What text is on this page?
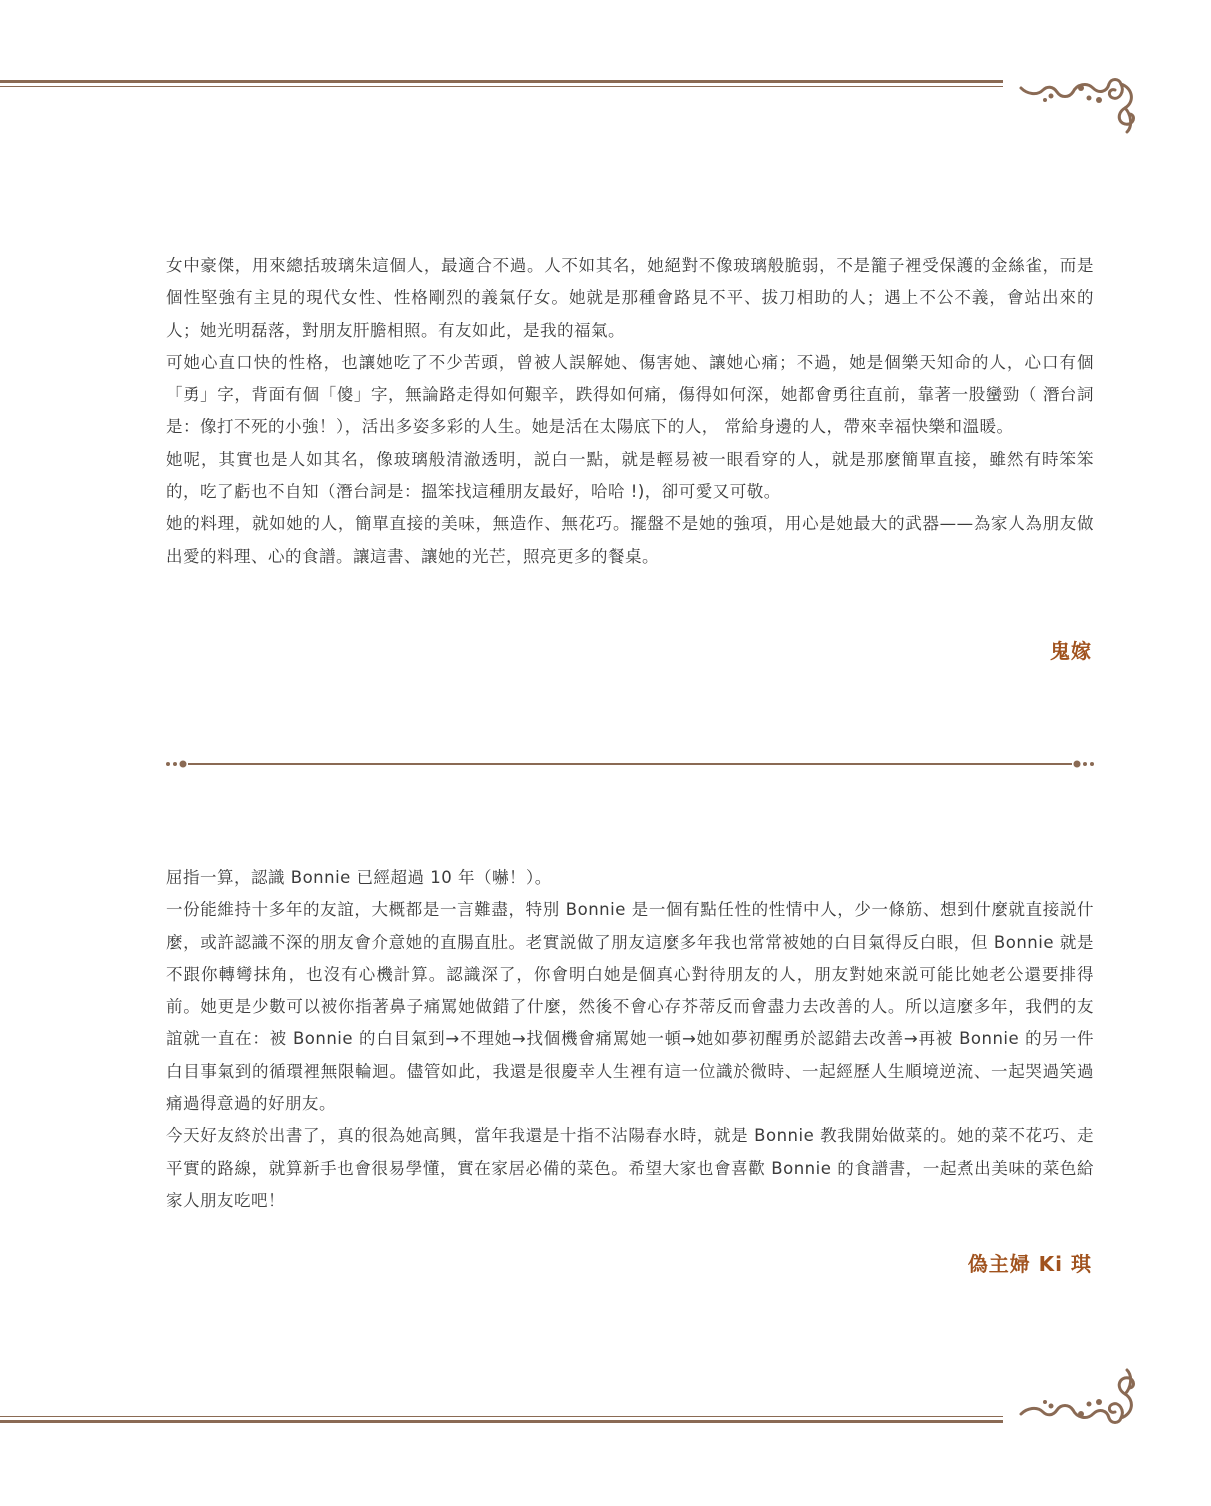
女中豪傑，用來總括玻璃朱這個人，最適合不過。人不如其名，她絕對不像玻璃般脆弱，不是籠子裡受保護的金絲雀，而是個性堅強有主見的現代女性、性格剛烈的義氣仔女。她就是那種會路見不平、拔刀相助的人；遇上不公不義，會站出來的人；她光明磊落，對朋友肝膽相照。有友如此，是我的福氣。

可她心直口快的性格，也讓她吃了不少苦頭，曾被人誤解她、傷害她、讓她心痛；不過，她是個樂天知命的人，心口有個「勇」字，背面有個「傻」字，無論路走得如何艱辛，跌得如何痛，傷得如何深，她都會勇往直前，靠著一股蠻勁（ 潛台詞是：像打不死的小強！），活出多姿多彩的人生。她是活在太陽底下的人， 常給身邊的人，帶來幸福快樂和溫暖。

她呢，其實也是人如其名，像玻璃般清澈透明，説白一點，就是輕易被一眼看穿的人，就是那麼簡單直接，雖然有時笨笨的，吃了虧也不自知（潛台詞是：搵笨找這種朋友最好，哈哈 !)，卻可愛又可敬。

她的料理，就如她的人，簡單直接的美味，無造作、無花巧。擺盤不是她的強項，用心是她最大的武器——為家人為朋友做出愛的料理、心的食譜。讓這書、讓她的光芒，照亮更多的餐桌。

鬼嫁

屈指一算，認識 Bonnie 已經超過 10 年（嚇！）。

一份能維持十多年的友誼，大概都是一言難盡，特別 Bonnie 是一個有點任性的性情中人，少一條筋、想到什麼就直接説什麼，或許認識不深的朋友會介意她的直腸直肚。老實説做了朋友這麼多年我也常常被她的白目氣得反白眼，但 Bonnie 就是不跟你轉彎抹角，也沒有心機計算。認識深了，你會明白她是個真心對待朋友的人，朋友對她來説可能比她老公還要排得前。她更是少數可以被你指著鼻子痛罵她做錯了什麼，然後不會心存芥蒂反而會盡力去改善的人。所以這麼多年，我們的友誼就一直在：被 Bonnie 的白目氣到→不理她→找個機會痛罵她一頓→她如夢初醒勇於認錯去改善→再被 Bonnie 的另一件白目事氣到的循環裡無限輪迴。儘管如此，我還是很慶幸人生裡有這一位識於微時、一起經歷人生順境逆流、一起哭過笑過痛過得意過的好朋友。

今天好友終於出書了，真的很為她高興，當年我還是十指不沾陽春水時，就是 Bonnie 教我開始做菜的。她的菜不花巧、走平實的路線，就算新手也會很易學懂，實在家居必備的菜色。希望大家也會喜歡 Bonnie 的食譜書，一起煮出美味的菜色給家人朋友吃吧！

偽主婦 Ki 琪
